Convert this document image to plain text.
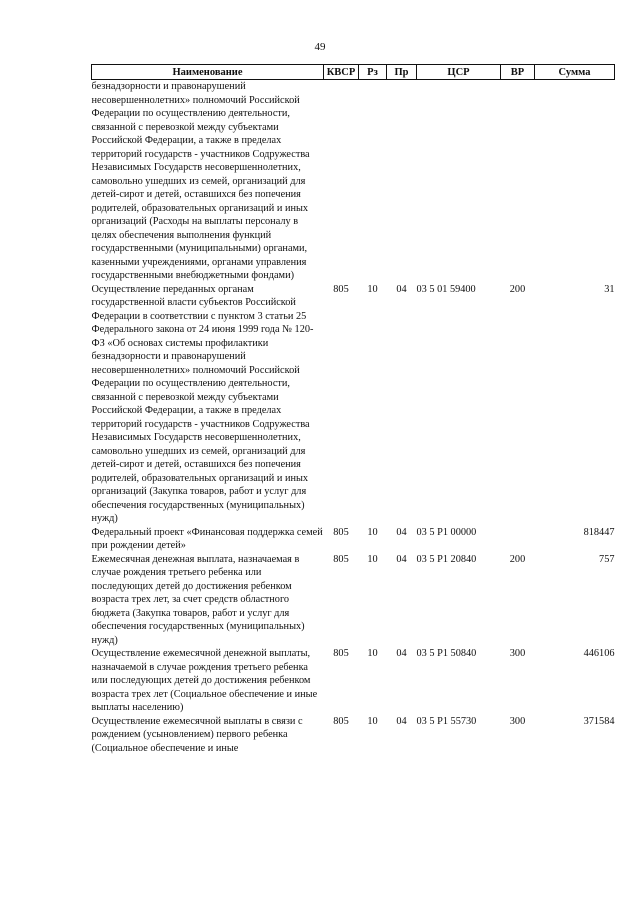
49
Наименование	КВСР	Рз	Пр	ЦСР	ВР	Сумма
безнадзорности и правонарушений несовершеннолетних» полномочий Российской Федерации по осуществлению деятельности, связанной с перевозкой между субъектами Российской Федерации, а также в пределах территорий государств - участников Содружества Независимых Государств несовершеннолетних, самовольно ушедших из семей, организаций для детей-сирот и детей, оставшихся без попечения родителей, образовательных организаций и иных организаций (Расходы на выплаты персоналу в целях обеспечения выполнения функций государственными (муниципальными) органами, казенными учреждениями, органами управления государственными внебюджетными фондами)						
Осуществление переданных органам государственной власти субъектов Российской Федерации в соответствии с пунктом 3 статьи 25 Федерального закона от 24 июня 1999 года № 120-ФЗ «Об основах системы профилактики безнадзорности и правонарушений несовершеннолетних» полномочий Российской Федерации по осуществлению деятельности, связанной с перевозкой между субъектами Российской Федерации, а также в пределах территорий государств - участников Содружества Независимых Государств несовершеннолетних, самовольно ушедших из семей, организаций для детей-сирот и детей, оставшихся без попечения родителей, образовательных организаций и иных организаций (Закупка товаров, работ и услуг для обеспечения государственных (муниципальных) нужд)	805	10	04	03 5 01 59400	200	31
Федеральный проект «Финансовая поддержка семей при рождении детей»	805	10	04	03 5 P1 00000		818447
Ежемесячная денежная выплата, назначаемая в случае рождения третьего ребенка или последующих детей до достижения ребенком возраста трех лет, за счет средств областного бюджета (Закупка товаров, работ и услуг для обеспечения государственных (муниципальных) нужд)	805	10	04	03 5 P1 20840	200	757
Осуществление ежемесячной денежной выплаты, назначаемой в случае рождения третьего ребенка или последующих детей до достижения ребенком возраста трех лет (Социальное обеспечение и иные выплаты населению)	805	10	04	03 5 P1 50840	300	446106
Осуществление ежемесячной выплаты в связи с рождением (усыновлением) первого ребенка (Социальное обеспечение и иные	805	10	04	03 5 P1 55730	300	371584
